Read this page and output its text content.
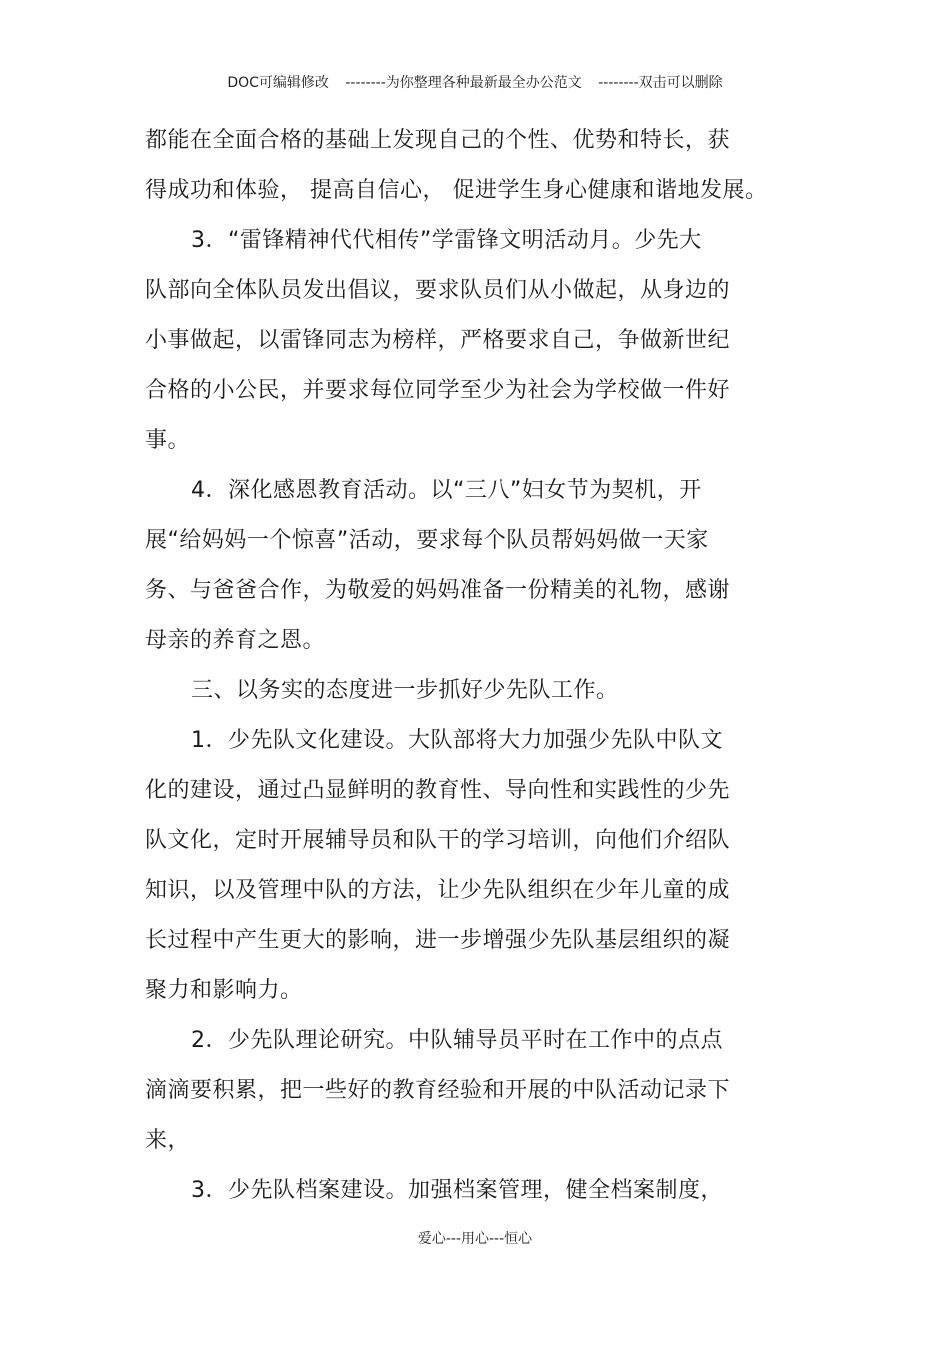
DOC可编辑修改 --------为你整理各种最新最全办公范文 --------双击可以删除
都能在全面合格的基础上发现自己的个性、优势和特长，获
得成功和体验， 提高自信心， 促进学生身心健康和谐地发展。
3．“雷锋精神代代相传”学雷锋文明活动月。少先大
队部向全体队员发出倡议，要求队员们从小做起，从身边的
小事做起，以雷锋同志为榜样，严格要求自己，争做新世纪
合格的小公民，并要求每位同学至少为社会为学校做一件好
事。
4．深化感恩教育活动。以“三八”妇女节为契机，开
展“给妈妈一个惊喜”活动，要求每个队员帮妈妈做一天家
务、与爸爸合作，为敬爱的妈妈准备一份精美的礼物，感谢
母亲的养育之恩。
三、以务实的态度进一步抓好少先队工作。
1．少先队文化建设。大队部将大力加强少先队中队文
化的建设，通过凸显鲜明的教育性、导向性和实践性的少先
队文化，定时开展辅导员和队干的学习培训，向他们介绍队
知识，以及管理中队的方法，让少先队组织在少年儿童的成
长过程中产生更大的影响，进一步增强少先队基层组织的凝
聚力和影响力。
2．少先队理论研究。中队辅导员平时在工作中的点点
滴滴要积累，把一些好的教育经验和开展的中队活动记录下
来，
3．少先队档案建设。加强档案管理，健全档案制度，
爱心---用心---恒心
